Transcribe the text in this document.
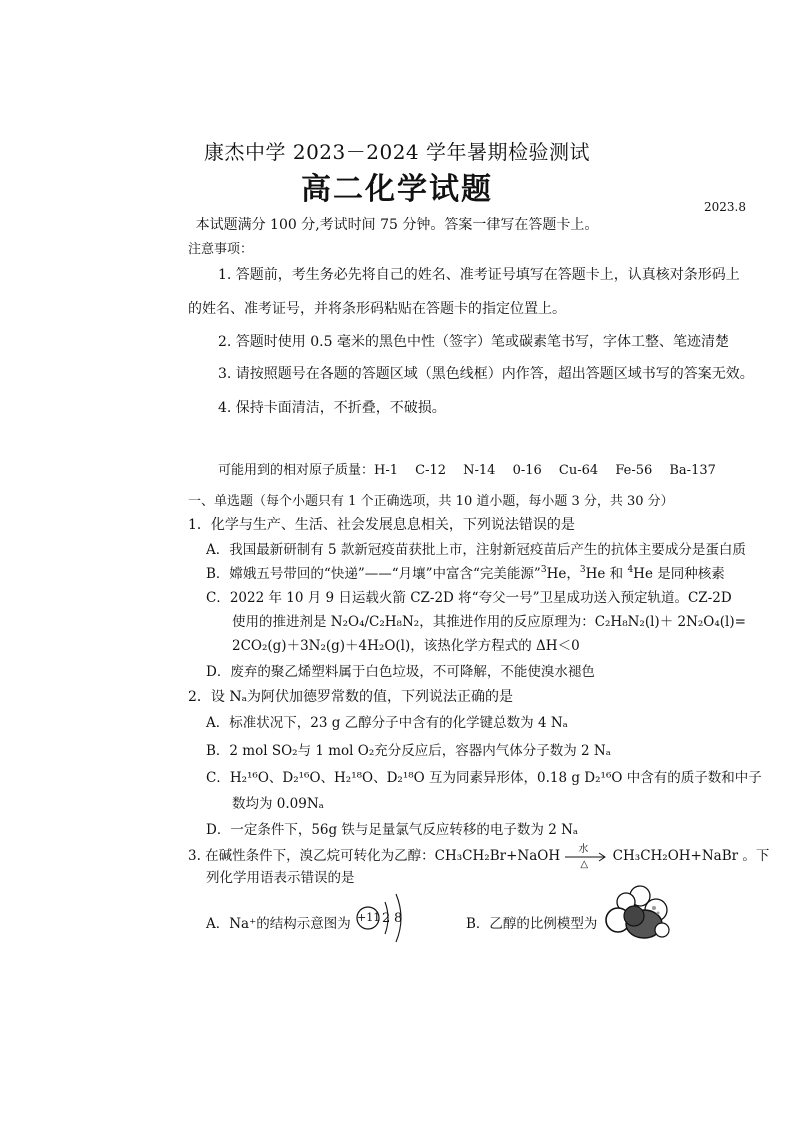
康杰中学 2023－2024 学年暑期检验测试
高二化学试题	2023.8
本试题满分 100 分,考试时间 75 分钟。答案一律写在答题卡上。
注意事项：
1. 答题前，考生务必先将自己的姓名、准考证号填写在答题卡上，认真核对条形码上
的姓名、准考证号，并将条形码粘贴在答题卡的指定位置上。
2. 答题时使用 0.5 毫米的黑色中性（签字）笔或碳素笔书写，字体工整、笔迹清楚
3. 请按照题号在各题的答题区域（黑色线框）内作答，超出答题区域书写的答案无效。
4. 保持卡面清洁，不折叠，不破损。
可能用到的相对原子质量：H-1　 C-12　 N-14　 0-16　 Cu-64　 Fe-56　 Ba-137
一、单选题（每个小题只有 1 个正确选项，共 10 道小题，每小题 3 分，共 30 分）
1．化学与生产、生活、社会发展息息相关，下列说法错误的是
A．我国最新研制有 5 款新冠疫苗获批上市，注射新冠疫苗后产生的抗体主要成分是蛋白质
B．嫦娥五号带回的“快递”——“月壤”中富含“完美能源”$^3$He，$^3$He 和 $^4$He 是同种核素
C．2022 年 10 月 9 日运载火箭 CZ-2D 将“夸父一号”卫星成功送入预定轨道。CZ-2D
使用的推进剂是 N₂O₄/C₂H₈N₂，其推进作用的反应原理为：C₂H₈N₂(l)＋ 2N₂O₄(l)=
2CO₂(g)＋3N₂(g)＋4H₂O(l)，该热化学方程式的 ΔH＜0
D．废弃的聚乙烯塑料属于白色垃圾，不可降解，不能使溴水褪色
2．设 Nₐ为阿伏加德罗常数的值，下列说法正确的是
A．标准状况下，23 g 乙醇分子中含有的化学键总数为 4 Nₐ
B．2 mol SO₂与 1 mol O₂充分反应后，容器内气体分子数为 2 Nₐ
C．H₂¹⁶O、D₂¹⁶O、H₂¹⁸O、D₂¹⁸O 互为同素异形体，0.18 g D₂¹⁶O 中含有的质子数和中子
数均为 0.09Nₐ
D．一定条件下，56g 铁与足量氯气反应转移的电子数为 2 Nₐ
3. 在碱性条件下，溴乙烷可转化为乙醇：CH₃CH₂Br+NaOH 水
△ CH₃CH₂OH+NaBr 。下
列化学用语表示错误的是
A．Na⁺的结构示意图为 +11 2 8	B．乙醇的比例模型为
